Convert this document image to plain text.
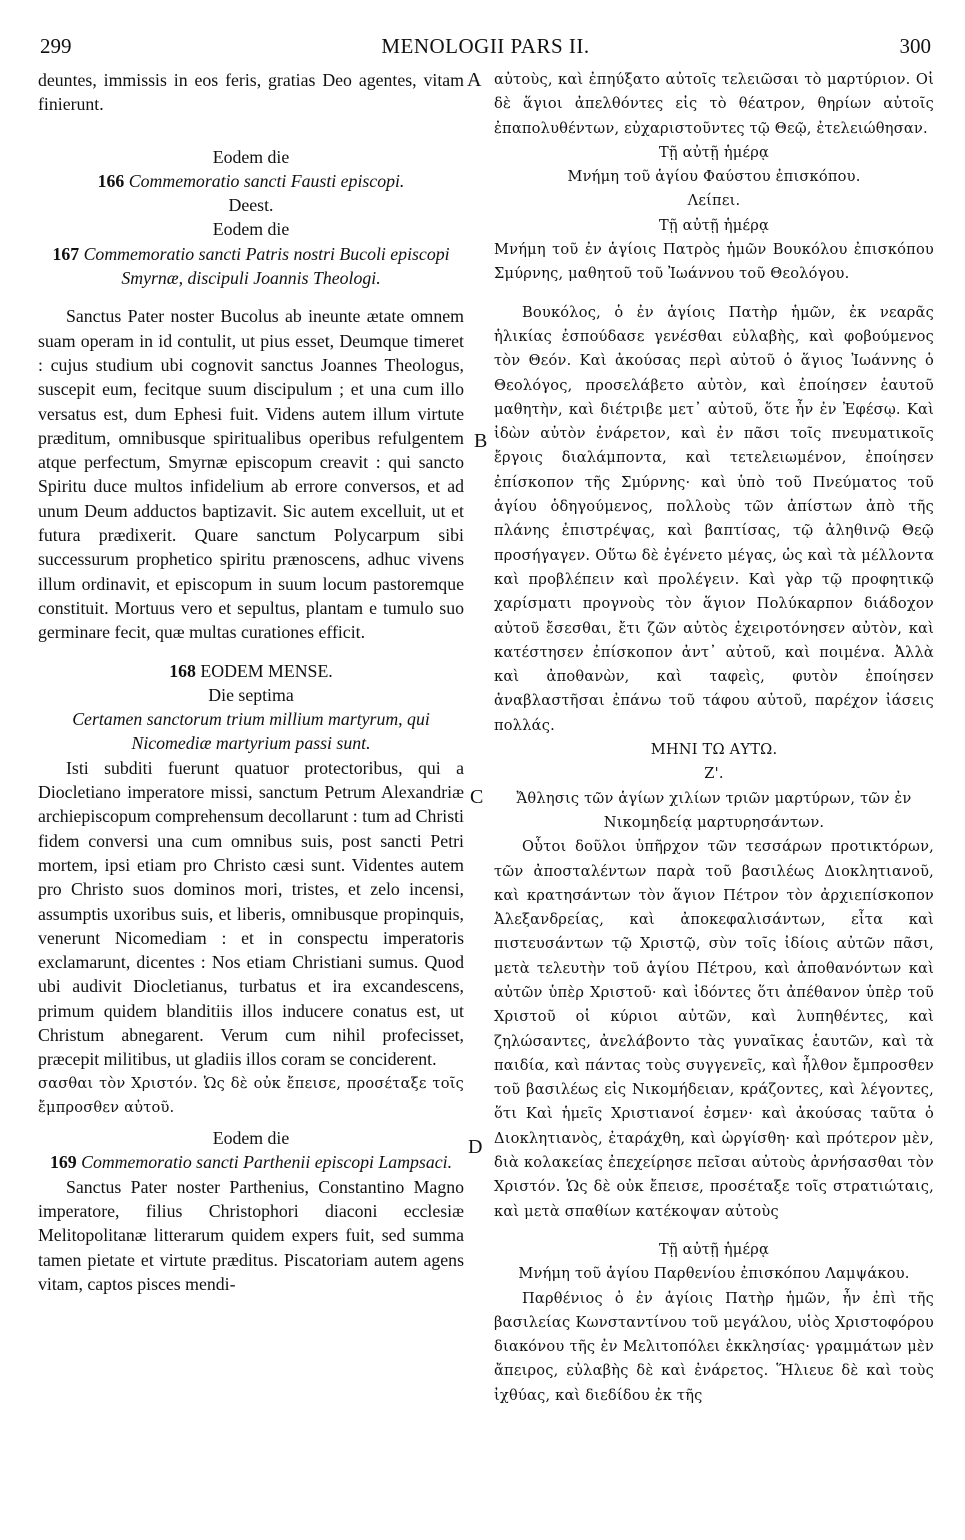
299	MENOLOGII PARS II.	300
A
B
C
D

deuntes, immissis in eos feris, gratias Deo agentes, vitam finierunt.

Eodem die

166 Commemoratio sancti Fausti episcopi.

Deest.

Eodem die

167 Commemoratio sancti Patris nostri Bucoli episcopi Smyrnæ, discipuli Joannis Theologi.

Sanctus Pater noster Bucolus ab ineunte ætate omnem suam operam in id contulit, ut pius esset, Deumque timeret : cujus studium ubi cognovit sanctus Joannes Theologus, suscepit eum, fecitque suum discipulum ; et una cum illo versatus est, dum Ephesi fuit. Videns autem illum virtute præditum, omnibusque spiritualibus operibus refulgentem atque perfectum, Smyrnæ episcopum creavit : qui sancto Spiritu duce multos infidelium ab errore conversos, et ad unum Deum adductos baptizavit. Sic autem excelluit, ut et futura prædixerit. Quare sanctum Polycarpum sibi successurum prophetico spiritu prænoscens, adhuc vivens illum ordinavit, et episcopum in suum locum pastoremque constituit. Mortuus vero et sepultus, plantam e tumulo suo germinare fecit, quæ multas curationes efficit.

168 EODEM MENSE.

Die septima

Certamen sanctorum trium millium martyrum, qui Nicomediæ martyrium passi sunt.

Isti subditi fuerunt quatuor protectoribus, qui a Diocletiano imperatore missi, sanctum Petrum Alexandriæ archiepiscopum comprehensum decollarunt : tum ad Christi fidem conversi una cum omnibus suis, post sancti Petri mortem, ipsi etiam pro Christo cæsi sunt. Videntes autem pro Christo suos dominos mori, tristes, et zelo incensi, assumptis uxoribus suis, et liberis, omnibusque propinquis, venerunt Nicomediam : et in conspectu imperatoris exclamarunt, dicentes : Nos etiam Christiani sumus. Quod ubi audivit Diocletianus, turbatus et ira excandescens, primum quidem blanditiis illos inducere conatus est, ut Christum abnegarent. Verum cum nihil profecisset, præcepit militibus, ut gladiis illos coram se conciderent.

σασθαι τὸν Χριστόν. Ὡς δὲ οὐκ ἔπεισε, προσέταξε τοῖς ἔμπροσθεν αὐτοῦ.

Eodem die

169 Commemoratio sancti Parthenii episcopi Lampsaci.

Sanctus Pater noster Parthenius, Constantino Magno imperatore, filius Christophori diaconi ecclesiæ Melitopolitanæ litterarum quidem expers fuit, sed summa tamen pietate et virtute præditus. Piscatoriam autem agens vitam, captos pisces mendi-

αὐτοὺς, καὶ ἐπηύξατο αὐτοῖς τελειῶσαι τὸ μαρτύριον. Οἱ δὲ ἅγιοι ἀπελθόντες εἰς τὸ θέατρον, θηρίων αὐτοῖς ἐπαπολυθέντων, εὐχαριστοῦντες τῷ Θεῷ, ἐτελειώθησαν.

Τῇ αὐτῇ ἡμέρᾳ

Μνήμη τοῦ ἁγίου Φαύστου ἐπισκόπου.

Λείπει.

Τῇ αὐτῇ ἡμέρᾳ

Μνήμη τοῦ ἐν ἁγίοις Πατρὸς ἡμῶν Βουκόλου ἐπισκόπου Σμύρνης, μαθητοῦ τοῦ Ἰωάννου τοῦ Θεολόγου.

Βουκόλος, ὁ ἐν ἁγίοις Πατὴρ ἡμῶν, ἐκ νεαρᾶς ἡλικίας ἐσπούδασε γενέσθαι εὐλαβὴς, καὶ φοβούμενος τὸν Θεόν. Καὶ ἀκούσας περὶ αὐτοῦ ὁ ἅγιος Ἰωάννης ὁ Θεολόγος, προσελάβετο αὐτὸν, καὶ ἐποίησεν ἑαυτοῦ μαθητὴν, καὶ διέτριβε μετ᾽ αὐτοῦ, ὅτε ἦν ἐν Ἐφέσῳ. Καὶ ἰδὼν αὐτὸν ἐνάρετον, καὶ ἐν πᾶσι τοῖς πνευματικοῖς ἔργοις διαλάμποντα, καὶ τετελειωμένον, ἐποίησεν ἐπίσκοπον τῆς Σμύρνης· καὶ ὑπὸ τοῦ Πνεύματος τοῦ ἁγίου ὁδηγούμενος, πολλοὺς τῶν ἀπίστων ἀπὸ τῆς πλάνης ἐπιστρέψας, καὶ βαπτίσας, τῷ ἀληθινῷ Θεῷ προσήγαγεν. Οὕτω δὲ ἐγένετο μέγας, ὡς καὶ τὰ μέλλοντα καὶ προβλέπειν καὶ προλέγειν. Καὶ γὰρ τῷ προφητικῷ χαρίσματι προγνοὺς τὸν ἅγιον Πολύκαρπον διάδοχον αὐτοῦ ἔσεσθαι, ἔτι ζῶν αὐτὸς ἐχειροτόνησεν αὐτὸν, καὶ κατέστησεν ἐπίσκοπον ἀντ᾽ αὐτοῦ, καὶ ποιμένα. Ἀλλὰ καὶ ἀποθανὼν, καὶ ταφεὶς, φυτὸν ἐποίησεν ἀναβλαστῆσαι ἐπάνω τοῦ τάφου αὐτοῦ, παρέχον ἰάσεις πολλάς.

ΜΗΝΙ ΤΩ ΑΥΤΩ.

Ζ'.

Ἄθλησις τῶν ἁγίων χιλίων τριῶν μαρτύρων, τῶν ἐν Νικομηδείᾳ μαρτυρησάντων.

Οὗτοι δοῦλοι ὑπῆρχον τῶν τεσσάρων προτικτόρων, τῶν ἀποσταλέντων παρὰ τοῦ βασιλέως Διοκλητιανοῦ, καὶ κρατησάντων τὸν ἅγιον Πέτρον τὸν ἀρχιεπίσκοπον Ἀλεξανδρείας, καὶ ἀποκεφαλισάντων, εἶτα καὶ πιστευσάντων τῷ Χριστῷ, σὺν τοῖς ἰδίοις αὐτῶν πᾶσι, μετὰ τελευτὴν τοῦ ἁγίου Πέτρου, καὶ ἀποθανόντων καὶ αὐτῶν ὑπὲρ Χριστοῦ· καὶ ἰδόντες ὅτι ἀπέθανον ὑπὲρ τοῦ Χριστοῦ οἱ κύριοι αὐτῶν, καὶ λυπηθέντες, καὶ ζηλώσαντες, ἀνελάβοντο τὰς γυναῖκας ἑαυτῶν, καὶ τὰ παιδία, καὶ πάντας τοὺς συγγενεῖς, καὶ ἦλθον ἔμπροσθεν τοῦ βασιλέως εἰς Νικομήδειαν, κράζοντες, καὶ λέγοντες, ὅτι Καὶ ἡμεῖς Χριστιανοί ἐσμεν· καὶ ἀκούσας ταῦτα ὁ Διοκλητιανὸς, ἐταράχθη, καὶ ὠργίσθη· καὶ πρότερον μὲν, διὰ κολακείας ἐπεχείρησε πεῖσαι αὐτοὺς ἀρνήσασθαι τὸν Χριστόν. Ὡς δὲ οὐκ ἔπεισε, προσέταξε τοῖς στρατιώταις, καὶ μετὰ σπαθίων κατέκοψαν αὐτοὺς

Τῇ αὐτῇ ἡμέρᾳ

Μνήμη τοῦ ἁγίου Παρθενίου ἐπισκόπου Λαμψάκου.

Παρθένιος ὁ ἐν ἁγίοις Πατὴρ ἡμῶν, ἦν ἐπὶ τῆς βασιλείας Κωνσταντίνου τοῦ μεγάλου, υἱὸς Χριστοφόρου διακόνου τῆς ἐν Μελιτοπόλει ἐκκλησίας· γραμμάτων μὲν ἄπειρος, εὐλαβὴς δὲ καὶ ἐνάρετος. Ἥλιευε δὲ καὶ τοὺς ἰχθύας, καὶ διεδίδου ἐκ τῆς
